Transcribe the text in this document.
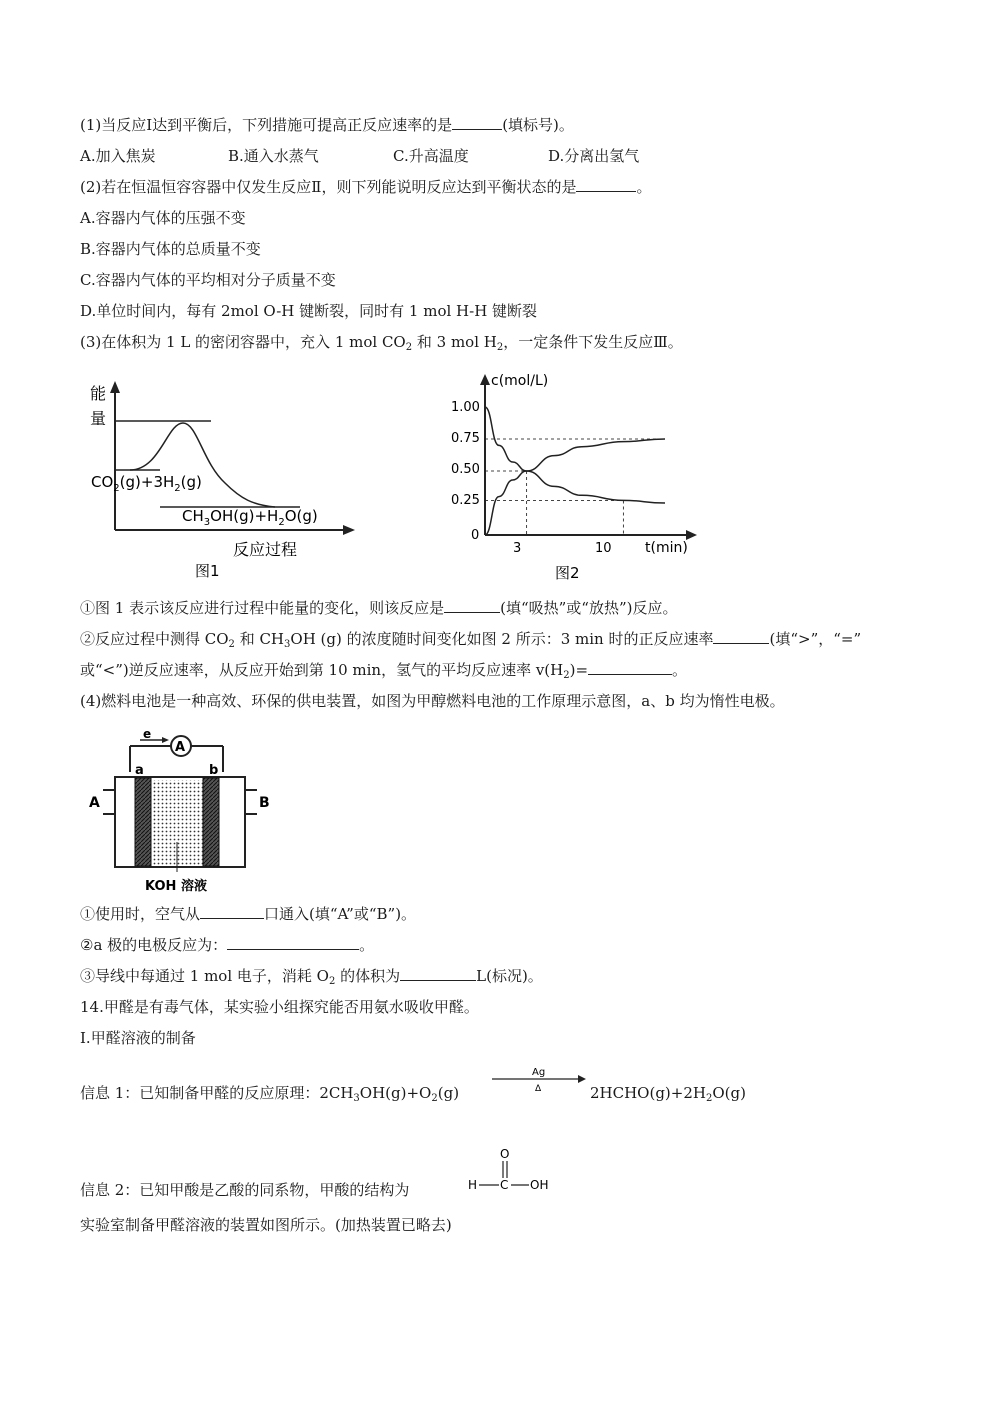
(1)当反应Ⅰ达到平衡后，下列措施可提高正反应速率的是	(填标号)。
A.加入焦炭	B.通入水蒸气	C.升高温度	D.分离出氢气
(2)若在恒温恒容容器中仅发生反应Ⅱ，则下列能说明反应达到平衡状态的是	。
A.容器内气体的压强不变
B.容器内气体的总质量不变
C.容器内气体的平均相对分子质量不变
D.单位时间内，每有 2mol O-H 键断裂，同时有 1 mol H-H 键断裂
(3)在体积为 1 L 的密闭容器中，充入 1 mol $CO_2$ 和 3 mol $H_2$，一定条件下发生反应Ⅲ。
能
量
$CO_2(g)+3H_2(g)$
$CH_3OH(g)+H_2O(g)$
反应过程
图1
c(mol/L)
t(min)
1.00
0.75
0.50
0.25
0
3	10
图2
①图 1 表示该反应进行过程中能量的变化，则该反应是	(填“吸热”或“放热”)反应。
②反应过程中测得 $CO_2$ 和 $CH_3OH$ (g) 的浓度随时间变化如图 2 所示：3 min 时的正反应速率	(填“>”，“=”
或“<”)逆反应速率，从反应开始到第 10 min，氢气的平均反应速率 $v(H_2)=$	。
(4)燃料电池是一种高效、环保的供电装置，如图为甲醇燃料电池的工作原理示意图，a、b 均为惰性电极。
A
e
a	b
A	B
KOH 溶液
①使用时，空气从	口通入(填“A”或“B”)。
②a 极的电极反应为：	。
③导线中每通过 1 mol 电子，消耗 $O_2$ 的体积为	L(标况)。
14.甲醛是有毒气体，某实验小组探究能否用氨水吸收甲醛。
Ⅰ.甲醛溶液的制备
信息 1：已知制备甲醛的反应原理：$2CH_3OH(g)+O_2(g)$
Ag
Δ	$2HCHO(g)+2H_2O(g)$
信息 2：已知甲酸是乙酸的同系物，甲酸的结构为
O
H C OH
实验室制备甲醛溶液的装置如图所示。(加热装置已略去)
